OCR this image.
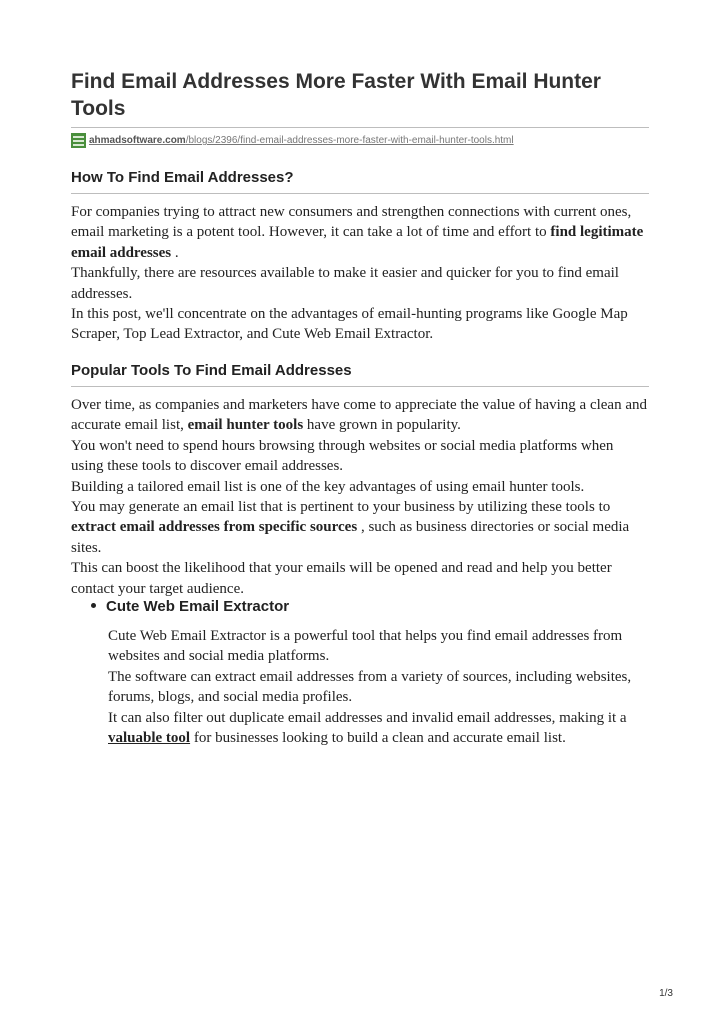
Find Email Addresses More Faster With Email Hunter Tools
ahmadsoftware.com/blogs/2396/find-email-addresses-more-faster-with-email-hunter-tools.html
How To Find Email Addresses?
For companies trying to attract new consumers and strengthen connections with current ones, email marketing is a potent tool. However, it can take a lot of time and effort to find legitimate email addresses .
Thankfully, there are resources available to make it easier and quicker for you to find email addresses.
In this post, we'll concentrate on the advantages of email-hunting programs like Google Map Scraper, Top Lead Extractor, and Cute Web Email Extractor.
Popular Tools To Find Email Addresses
Over time, as companies and marketers have come to appreciate the value of having a clean and accurate email list, email hunter tools have grown in popularity.
You won't need to spend hours browsing through websites or social media platforms when using these tools to discover email addresses.
Building a tailored email list is one of the key advantages of using email hunter tools.
You may generate an email list that is pertinent to your business by utilizing these tools to extract email addresses from specific sources , such as business directories or social media sites.
This can boost the likelihood that your emails will be opened and read and help you better contact your target audience.
Cute Web Email Extractor
Cute Web Email Extractor is a powerful tool that helps you find email addresses from websites and social media platforms.
The software can extract email addresses from a variety of sources, including websites, forums, blogs, and social media profiles.
It can also filter out duplicate email addresses and invalid email addresses, making it a valuable tool for businesses looking to build a clean and accurate email list.
1/3
